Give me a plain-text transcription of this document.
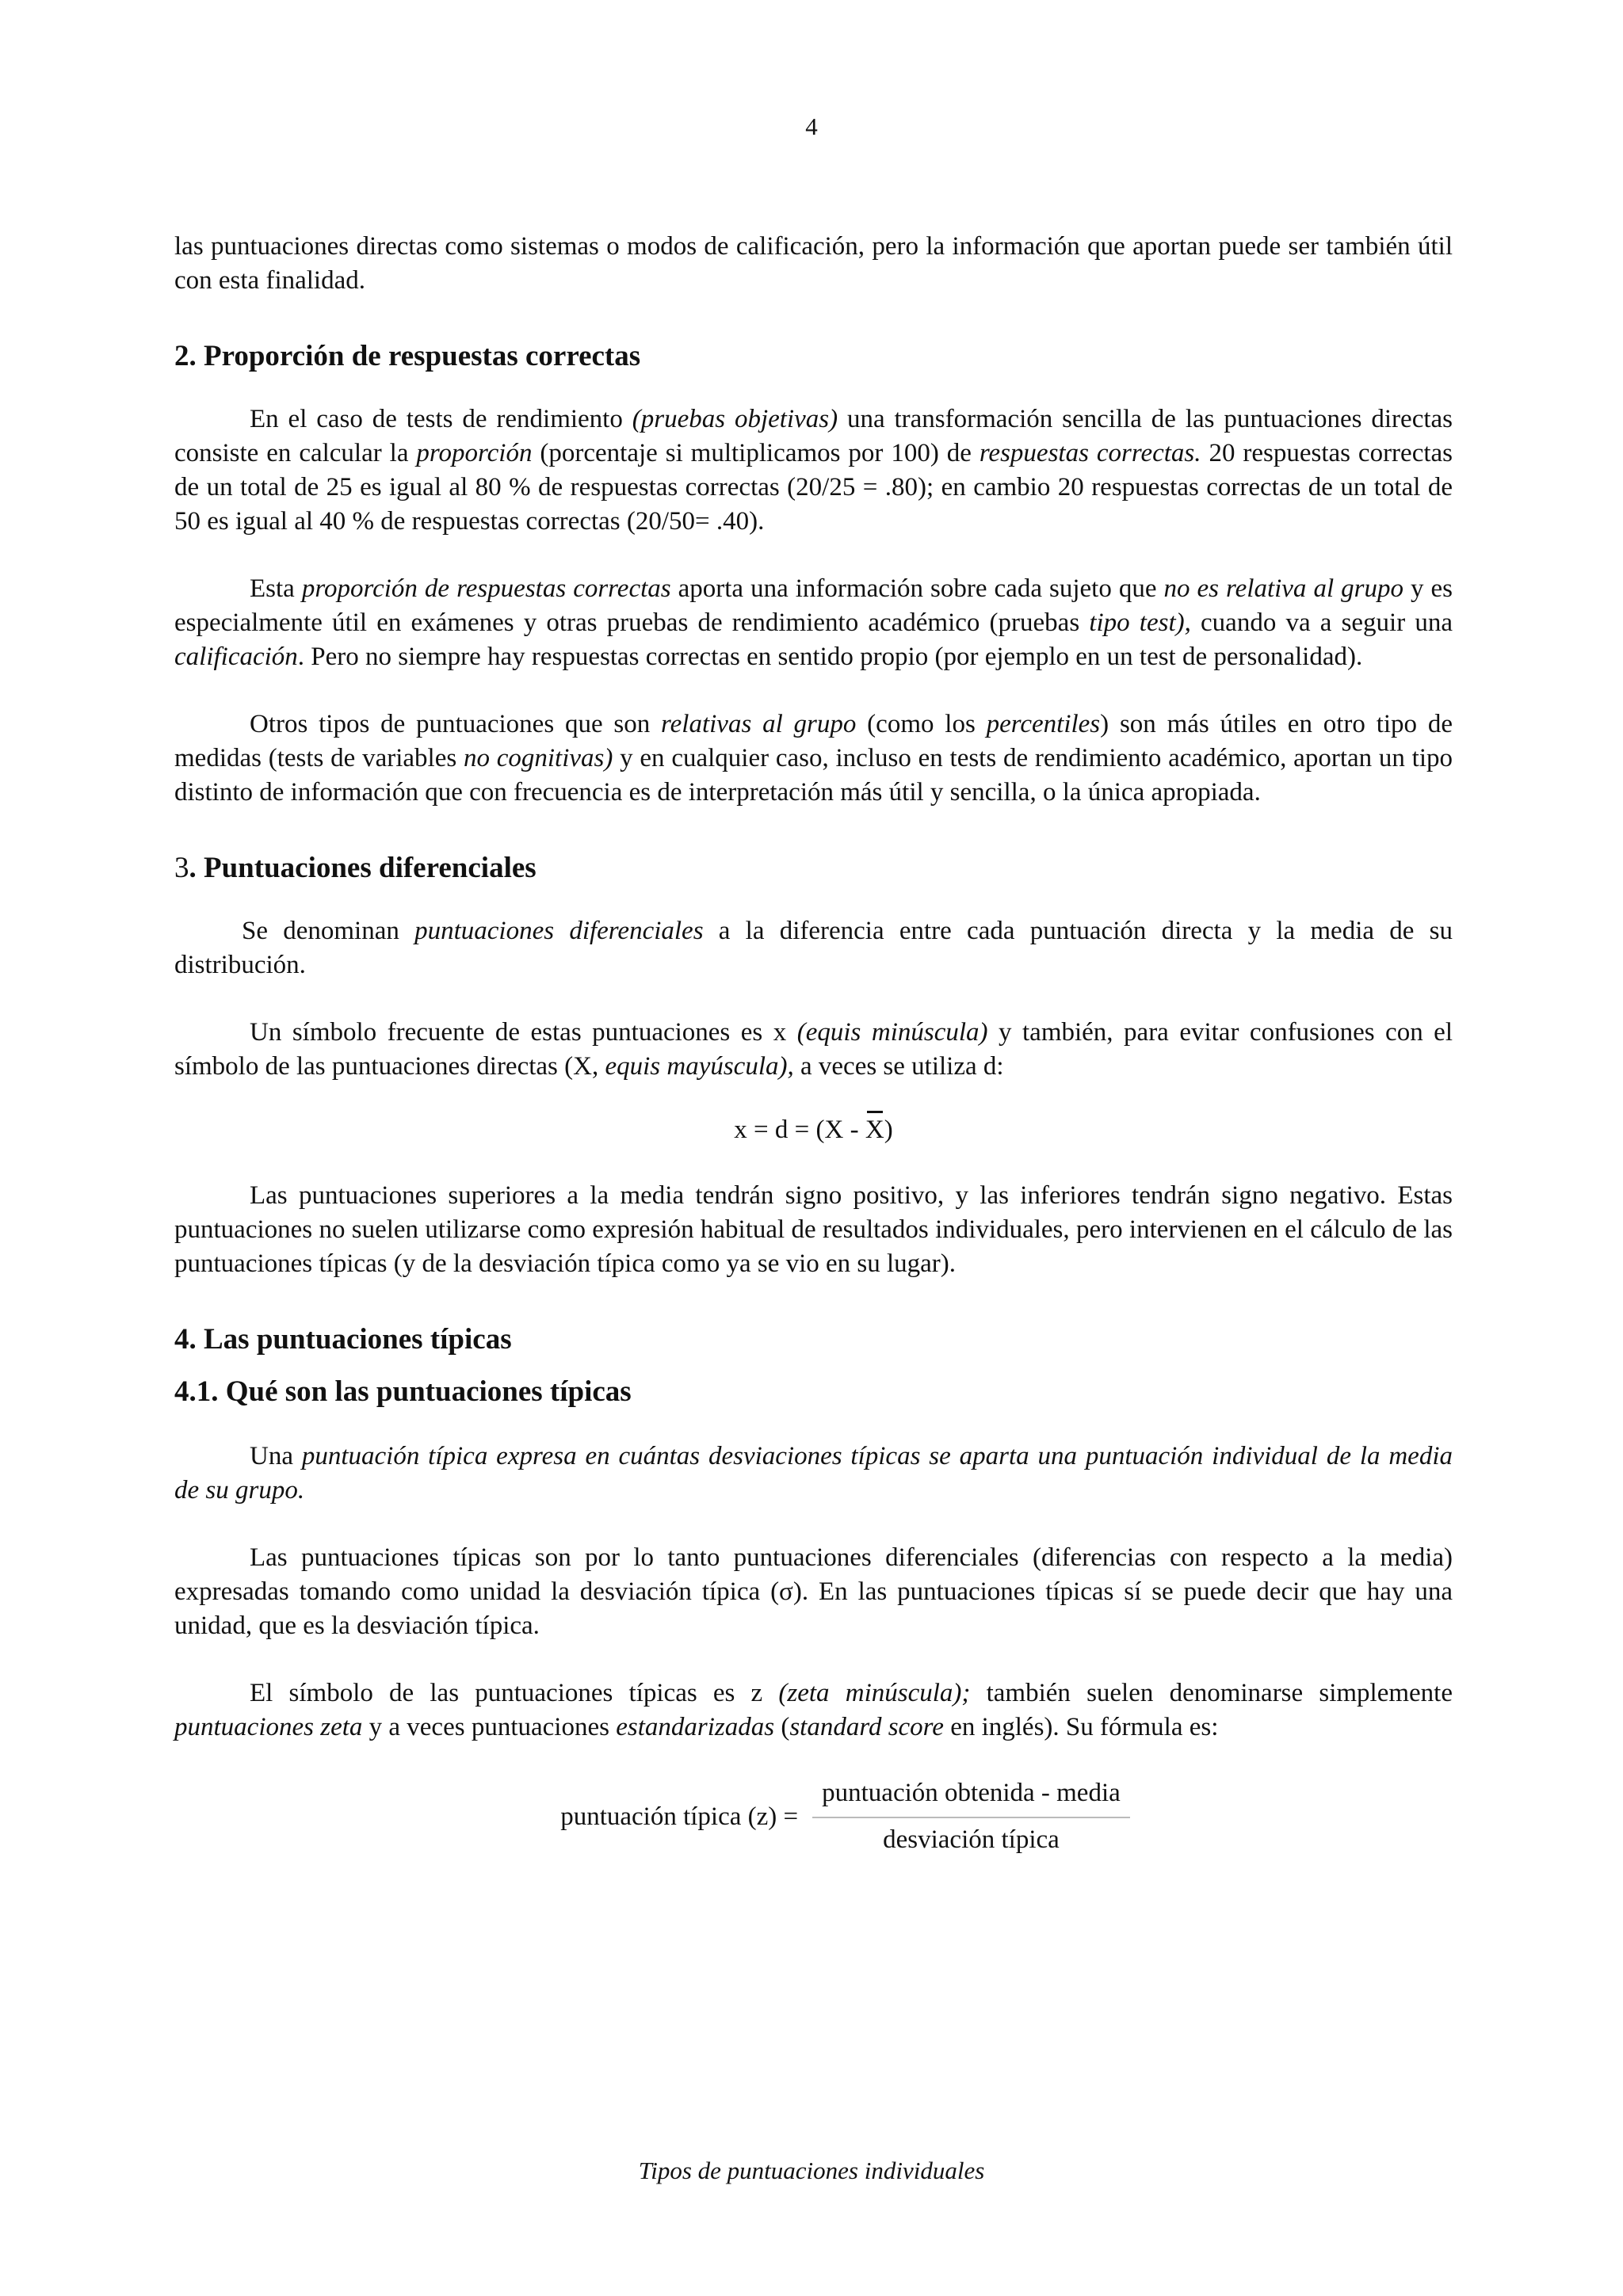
4

las puntuaciones directas como sistemas o modos de calificación, pero la información que aportan puede ser también útil con esta finalidad.

2. Proporción de respuestas correctas

En el caso de tests de rendimiento (pruebas objetivas) una transformación sencilla de las puntuaciones directas consiste en calcular la proporción (porcentaje si multiplicamos por 100) de respuestas correctas. 20 respuestas correctas de un total de 25 es igual al 80 % de respuestas correctas (20/25 = .80); en cambio 20 respuestas correctas de un total de 50 es igual al 40 % de respuestas correctas (20/50= .40).

Esta proporción de respuestas correctas aporta una información sobre cada sujeto que no es relativa al grupo y es especialmente útil en exámenes y otras pruebas de rendimiento académico (pruebas tipo test), cuando va a seguir una calificación. Pero no siempre hay respuestas correctas en sentido propio (por ejemplo en un test de personalidad).

Otros tipos de puntuaciones que son relativas al grupo (como los percentiles) son más útiles en otro tipo de medidas (tests de variables no cognitivas) y en cualquier caso, incluso en tests de rendimiento académico, aportan un tipo distinto de información que con frecuencia es de interpretación más útil y sencilla, o la única apropiada.

3. Puntuaciones diferenciales

Se denominan puntuaciones diferenciales a la diferencia entre cada puntuación directa y la media de su distribución.

Un símbolo frecuente de estas puntuaciones es x (equis minúscula) y también, para evitar confusiones con el símbolo de las puntuaciones directas (X, equis mayúscula), a veces se utiliza d:

x = d = (X - X)

Las puntuaciones superiores a la media tendrán signo positivo, y las inferiores tendrán signo negativo. Estas puntuaciones no suelen utilizarse como expresión habitual de resultados individuales, pero intervienen en el cálculo de las puntuaciones típicas (y de la desviación típica como ya se vio en su lugar).

4. Las puntuaciones típicas
4.1. Qué son las puntuaciones típicas

Una puntuación típica expresa en cuántas desviaciones típicas se aparta una puntuación individual de la media de su grupo.

Las puntuaciones típicas son por lo tanto puntuaciones diferenciales (diferencias con respecto a la media) expresadas tomando como unidad la desviación típica (σ). En las puntuaciones típicas sí se puede decir que hay una unidad, que es la desviación típica.

El símbolo de las puntuaciones típicas es z (zeta minúscula); también suelen denominarse simplemente puntuaciones zeta y a veces puntuaciones estandarizadas (standard score en inglés). Su fórmula es:

puntuación típica $(z) = \frac{\text{puntuación obtenida - media}}{\text{desviación típica}}$
Tipos de puntuaciones individuales
